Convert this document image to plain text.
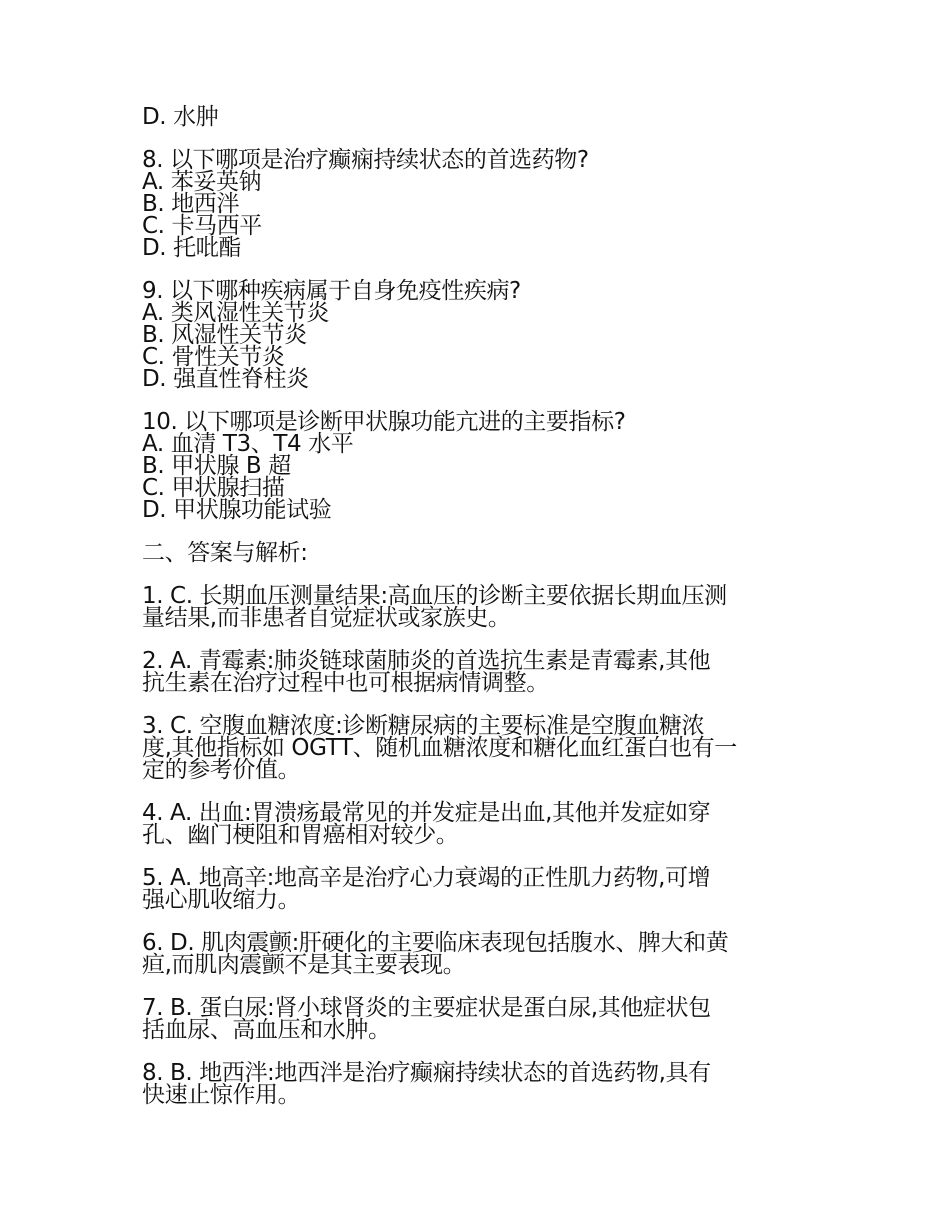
D. 水肿
8. 以下哪项是治疗癫痫持续状态的首选药物?
A. 苯妥英钠
B. 地西泮
C. 卡马西平
D. 托吡酯
9. 以下哪种疾病属于自身免疫性疾病?
A. 类风湿性关节炎
B. 风湿性关节炎
C. 骨性关节炎
D. 强直性脊柱炎
10. 以下哪项是诊断甲状腺功能亢进的主要指标?
A. 血清 T3、T4 水平
B. 甲状腺 B 超
C. 甲状腺扫描
D. 甲状腺功能试验
二、答案与解析:
1. C. 长期血压测量结果:高血压的诊断主要依据长期血压测
量结果,而非患者自觉症状或家族史。
2. A. 青霉素:肺炎链球菌肺炎的首选抗生素是青霉素,其他
抗生素在治疗过程中也可根据病情调整。
3. C. 空腹血糖浓度:诊断糖尿病的主要标准是空腹血糖浓
度,其他指标如 OGTT、随机血糖浓度和糖化血红蛋白也有一
定的参考价值。
4. A. 出血:胃溃疡最常见的并发症是出血,其他并发症如穿
孔、幽门梗阻和胃癌相对较少。
5. A. 地高辛:地高辛是治疗心力衰竭的正性肌力药物,可增
强心肌收缩力。
6. D. 肌肉震颤:肝硬化的主要临床表现包括腹水、脾大和黄
疸,而肌肉震颤不是其主要表现。
7. B. 蛋白尿:肾小球肾炎的主要症状是蛋白尿,其他症状包
括血尿、高血压和水肿。
8. B. 地西泮:地西泮是治疗癫痫持续状态的首选药物,具有
快速止惊作用。
